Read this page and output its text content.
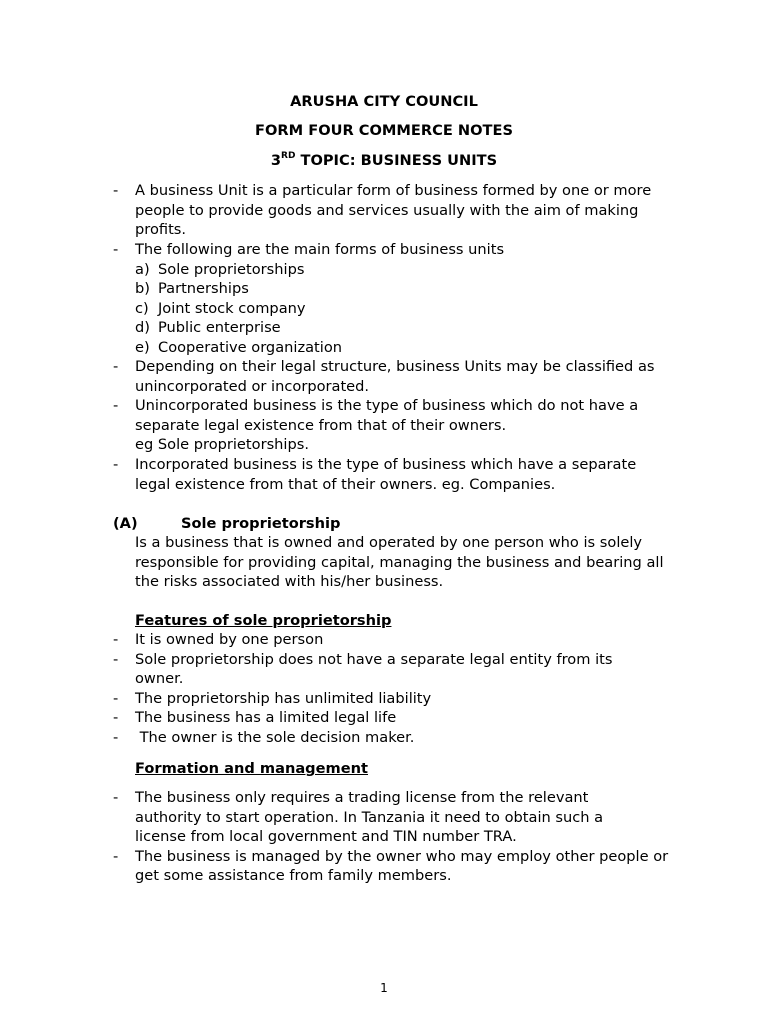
ARUSHA CITY COUNCIL
FORM FOUR COMMERCE NOTES
3RD TOPIC: BUSINESS UNITS
- A business Unit is a particular form of business formed by one or more people to provide goods and services usually with the aim of making profits.

- The following are the main forms of business units

a) Sole proprietorships

b) Partnerships

c) Joint stock company

d) Public enterprise

e) Cooperative organization

- Depending on their legal structure, business Units may be classified as unincorporated or incorporated.

- Unincorporated business is the type of business which do not have a separate legal existence from that of their owners.

eg Sole proprietorships.

- Incorporated business is the type of business which have a separate legal existence from that of their owners. eg. Companies.

(A)	Sole proprietorship

Is a business that is owned and operated by one person who is solely responsible for providing capital, managing the business and bearing all the risks associated with his/her business.

Features of sole proprietorship

- It is owned by one person

- Sole proprietorship does not have a separate legal entity from its owner.

- The proprietorship has unlimited liability

- The business has a limited legal life

- The owner is the sole decision maker.

Formation and management

- The business only requires a trading license from the relevant authority to start operation. In Tanzania it need to obtain such a license from local government and TIN number TRA.

- The business is managed by the owner who may employ other people or get some assistance from family members.

1
